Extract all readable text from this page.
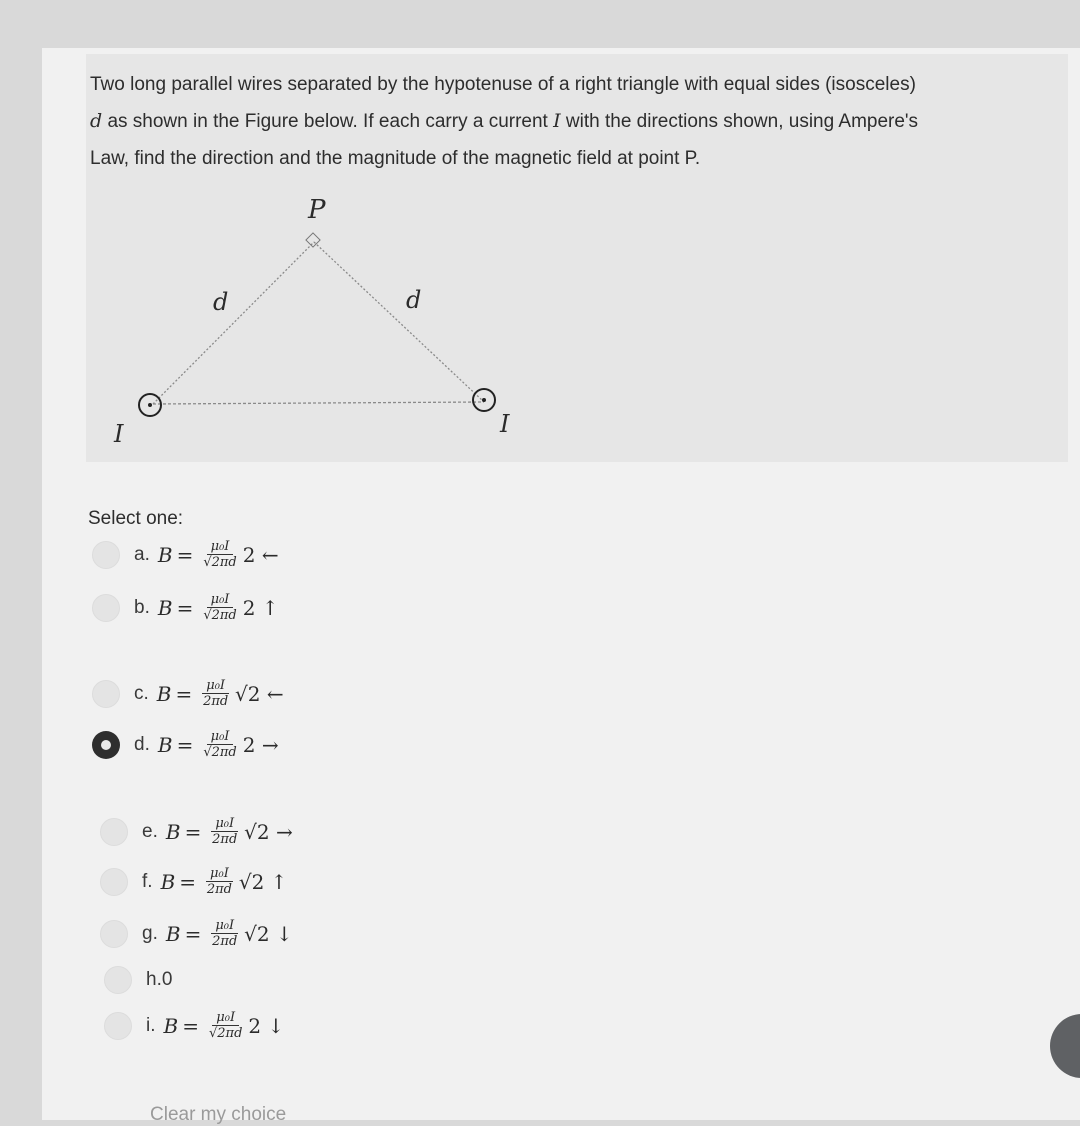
Two long parallel wires separated by the hypotenuse of a right triangle with equal sides (isosceles)
d as shown in the Figure below. If each carry a current I with the directions shown, using Ampere's
Law, find the direction and the magnitude of the magnetic field at point P.
P
d	d
I	I
Select one:
a. $B = \frac{\text{μ₀I}}{√2\pi d} 2$ ←
b. $B = \frac{\text{μ₀I}}{√2\pi d} 2$ ↑
c. $B = \frac{\text{μ₀I}}{2\pi d} √2$ ←
d. $B = \frac{\text{μ₀I}}{√2\pi d} 2$ →
e. $B = \frac{\text{μ₀I}}{2\pi d} √2$ →
f. $B = \frac{\text{μ₀I}}{2\pi d} √2$ ↑
g. $B = \frac{\text{μ₀I}}{2\pi d} √2$ ↓
h.0
i. $B = \frac{\text{μ₀I}}{√2\pi d} 2$ ↓
Clear my choice
